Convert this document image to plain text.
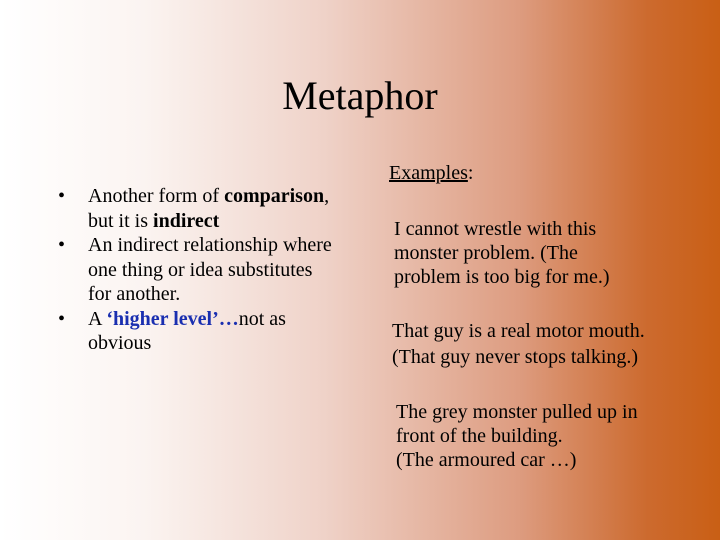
Metaphor
• Another form of comparison, but it is indirect
• An indirect relationship where one thing or idea substitutes for another.
• A ‘higher level’…not as obvious
Examples:
I cannot wrestle with this
monster problem. (The
problem is too big for me.)
That guy is a real motor mouth.
(That guy never stops talking.)
The grey monster pulled up in
front of the building.
(The armoured car …)
